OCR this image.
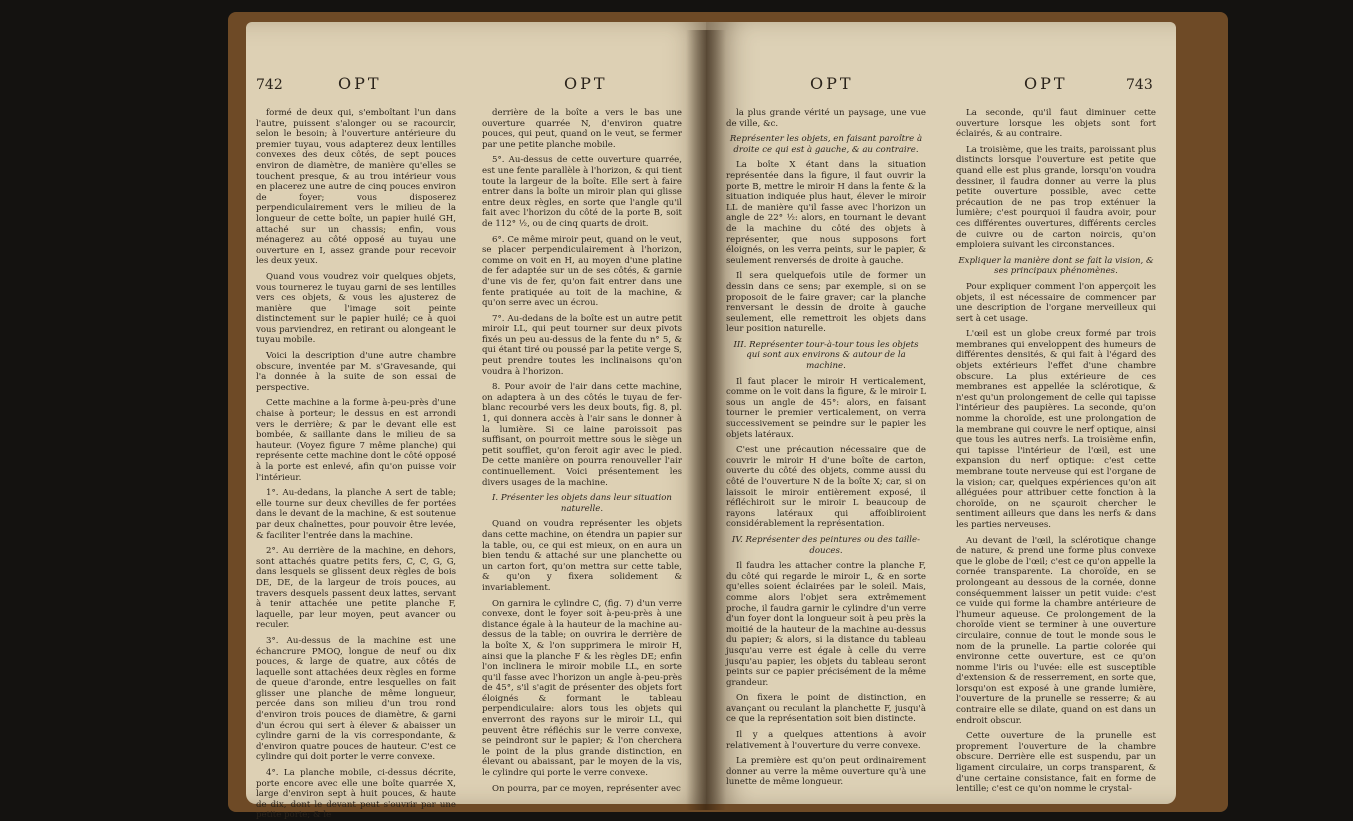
742	OPT	OPT

formé de deux qui, s'emboîtant l'un dans l'autre, puissent s'alonger ou se racourcir, selon le besoin; à l'ouverture antérieure du premier tuyau, vous adapterez deux lentilles convexes des deux côtés, de sept pouces environ de diamètre, de manière qu'elles se touchent presque, & au trou intérieur vous en placerez une autre de cinq pouces environ de foyer; vous disposerez perpendiculairement vers le milieu de la longueur de cette boîte, un papier huilé GH, attaché sur un chassis; enfin, vous ménagerez au côté opposé au tuyau une ouverture en I, assez grande pour recevoir les deux yeux.

Quand vous voudrez voir quelques objets, vous tournerez le tuyau garni de ses lentilles vers ces objets, & vous les ajusterez de manière que l'image soit peinte distinctement sur le papier huilé; ce à quoi vous parviendrez, en retirant ou alongeant le tuyau mobile.

Voici la description d'une autre chambre obscure, inventée par M. s'Gravesande, qui l'a donnée à la suite de son essai de perspective.

Cette machine a la forme à-peu-près d'une chaise à porteur; le dessus en est arrondi vers le derrière; & par le devant elle est bombée, & saillante dans le milieu de sa hauteur. (Voyez figure 7 même planche) qui représente cette machine dont le côté opposé à la porte est enlevé, afin qu'on puisse voir l'intérieur.

1°. Au-dedans, la planche A sert de table; elle tourne sur deux chevilles de fer portées dans le devant de la machine, & est soutenue par deux chaînettes, pour pouvoir être levée, & faciliter l'entrée dans la machine.

2°. Au derrière de la machine, en dehors, sont attachés quatre petits fers, C, C, G, G, dans lesquels se glissent deux règles de bois DE, DE, de la largeur de trois pouces, au travers desquels passent deux lattes, servant à tenir attachée une petite planche F, laquelle, par leur moyen, peut avancer ou reculer.

3°. Au-dessus de la machine est une échancrure PMOQ, longue de neuf ou dix pouces, & large de quatre, aux côtés de laquelle sont attachées deux règles en forme de queue d'aronde, entre lesquelles on fait glisser une planche de même longueur, percée dans son milieu d'un trou rond d'environ trois pouces de diamètre, & garni d'un écrou qui sert à élever & abaisser un cylindre garni de la vis correspondante, & d'environ quatre pouces de hauteur. C'est ce cylindre qui doit porter le verre convexe.

4°. La planche mobile, ci-dessus décrite, porte encore avec elle une boîte quarrée X, large d'environ sept à huit pouces, & haute de dix, dont le devant peut s'ouvrir par une petite porte; & le

derrière de la boîte a vers le bas une ouverture quarrée N, d'environ quatre pouces, qui peut, quand on le veut, se fermer par une petite planche mobile.

5°. Au-dessus de cette ouverture quarrée, est une fente parallèle à l'horizon, & qui tient toute la largeur de la boîte. Elle sert à faire entrer dans la boîte un miroir plan qui glisse entre deux règles, en sorte que l'angle qu'il fait avec l'horizon du côté de la porte B, soit de 112° ½, ou de cinq quarts de droit.

6°. Ce même miroir peut, quand on le veut, se placer perpendiculairement à l'horizon, comme on voit en H, au moyen d'une platine de fer adaptée sur un de ses côtés, & garnie d'une vis de fer, qu'on fait entrer dans une fente pratiquée au toit de la machine, & qu'on serre avec un écrou.

7°. Au-dedans de la boîte est un autre petit miroir LL, qui peut tourner sur deux pivots fixés un peu au-dessus de la fente du n° 5, & qui étant tiré ou poussé par la petite verge S, peut prendre toutes les inclinaisons qu'on voudra à l'horizon.

8. Pour avoir de l'air dans cette machine, on adaptera à un des côtés le tuyau de fer-blanc recourbé vers les deux bouts, fig. 8, pl. 1, qui donnera accès à l'air sans le donner à la lumière. Si ce laine paroissoit pas suffisant, on pourroit mettre sous le siège un petit soufflet, qu'on feroit agir avec le pied. De cette manière on pourra renouveller l'air continuellement. Voici présentement les divers usages de la machine.

I. Présenter les objets dans leur situation naturelle.

Quand on voudra représenter les objets dans cette machine, on étendra un papier sur la table, ou, ce qui est mieux, on en aura un bien tendu & attaché sur une planchette ou un carton fort, qu'on mettra sur cette table, & qu'on y fixera solidement & invariablement.

On garnira le cylindre C, (fig. 7) d'un verre convexe, dont le foyer soit à-peu-près à une distance égale à la hauteur de la machine au-dessus de la table; on ouvrira le derrière de la boîte X, & l'on supprimera le miroir H, ainsi que la planche F & les règles DE; enfin l'on inclinera le miroir mobile LL, en sorte qu'il fasse avec l'horizon un angle à-peu-près de 45°, s'il s'agit de présenter des objets fort éloignés & formant le tableau perpendiculaire: alors tous les objets qui enverront des rayons sur le miroir LL, qui peuvent être réfléchis sur le verre convexe, se peindront sur le papier; & l'on cherchera le point de la plus grande distinction, en élevant ou abaissant, par le moyen de la vis, le cylindre qui porte le verre convexe.

On pourra, par ce moyen, représenter avec

OPT	OPT	743

la plus grande vérité un paysage, une vue de ville, &c.

Représenter les objets, en faisant paroître à droite ce qui est à gauche, & au contraire.

La boîte X étant dans la situation représentée dans la figure, il faut ouvrir la porte B, mettre le miroir H dans la fente & la situation indiquée plus haut, élever le miroir LL de manière qu'il fasse avec l'horizon un angle de 22° ½: alors, en tournant le devant de la machine du côté des objets à représenter, que nous supposons fort éloignés, on les verra peints, sur le papier, & seulement renversés de droite à gauche.

Il sera quelquefois utile de former un dessin dans ce sens; par exemple, si on se proposoit de le faire graver; car la planche renversant le dessin de droite à gauche seulement, elle remettroit les objets dans leur position naturelle.

III. Représenter tour-à-tour tous les objets qui sont aux environs & autour de la machine.

Il faut placer le miroir H verticalement, comme on le voit dans la figure, & le miroir L sous un angle de 45°: alors, en faisant tourner le premier verticalement, on verra successivement se peindre sur le papier les objets latéraux.

C'est une précaution nécessaire que de couvrir le miroir H d'une boîte de carton, ouverte du côté des objets, comme aussi du côté de l'ouverture N de la boîte X; car, si on laissoit le miroir entièrement exposé, il réfléchiroit sur le miroir L beaucoup de rayons latéraux qui affoibliroient considérablement la représentation.

IV. Représenter des peintures ou des taille-douces.

Il faudra les attacher contre la planche F, du côté qui regarde le miroir L, & en sorte qu'elles soient éclairées par le soleil. Mais, comme alors l'objet sera extrêmement proche, il faudra garnir le cylindre d'un verre d'un foyer dont la longueur soit à peu près la moitié de la hauteur de la machine au-dessus du papier; & alors, si la distance du tableau jusqu'au verre est égale à celle du verre jusqu'au papier, les objets du tableau seront peints sur ce papier précisément de la même grandeur.

On fixera le point de distinction, en avançant ou reculant la planchette F, jusqu'à ce que la représentation soit bien distincte.

Il y a quelques attentions à avoir relativement à l'ouverture du verre convexe.

La première est qu'on peut ordinairement donner au verre la même ouverture qu'à une lunette de même longueur.

La seconde, qu'il faut diminuer cette ouverture lorsque les objets sont fort éclairés, & au contraire.

La troisième, que les traits, paroissant plus distincts lorsque l'ouverture est petite que quand elle est plus grande, lorsqu'on voudra dessiner, il faudra donner au verre la plus petite ouverture possible, avec cette précaution de ne pas trop exténuer la lumière; c'est pourquoi il faudra avoir, pour ces différentes ouvertures, différents cercles de cuivre ou de carton noircis, qu'on emploiera suivant les circonstances.

Expliquer la manière dont se fait la vision, & ses principaux phénomènes.

Pour expliquer comment l'on apperçoit les objets, il est nécessaire de commencer par une description de l'organe merveilleux qui sert à cet usage.

L'œil est un globe creux formé par trois membranes qui enveloppent des humeurs de différentes densités, & qui fait à l'égard des objets extérieurs l'effet d'une chambre obscure. La plus extérieure de ces membranes est appellée la sclérotique, & n'est qu'un prolongement de celle qui tapisse l'intérieur des paupières. La seconde, qu'on nomme la choroïde, est une prolongation de la membrane qui couvre le nerf optique, ainsi que tous les autres nerfs. La troisième enfin, qui tapisse l'intérieur de l'œil, est une expansion du nerf optique: c'est cette membrane toute nerveuse qui est l'organe de la vision; car, quelques expériences qu'on ait alléguées pour attribuer cette fonction à la choroïde, on ne sçauroit chercher le sentiment ailleurs que dans les nerfs & dans les parties nerveuses.

Au devant de l'œil, la sclérotique change de nature, & prend une forme plus convexe que le globe de l'œil; c'est ce qu'on appelle la cornée transparente. La choroïde, en se prolongeant au dessous de la cornée, donne conséquemment laisser un petit vuide: c'est ce vuide qui forme la chambre antérieure de l'humeur aqueuse. Ce prolongement de la choroïde vient se terminer à une ouverture circulaire, connue de tout le monde sous le nom de la prunelle. La partie colorée qui environne cette ouverture, est ce qu'on nomme l'iris ou l'uvée: elle est susceptible d'extension & de resserrement, en sorte que, lorsqu'on est exposé à une grande lumière, l'ouverture de la prunelle se resserre; & au contraire elle se dilate, quand on est dans un endroit obscur.

Cette ouverture de la prunelle est proprement l'ouverture de la chambre obscure. Derrière elle est suspendu, par un ligament circulaire, un corps transparent, & d'une certaine consistance, fait en forme de lentille; c'est ce qu'on nomme le crystal-
